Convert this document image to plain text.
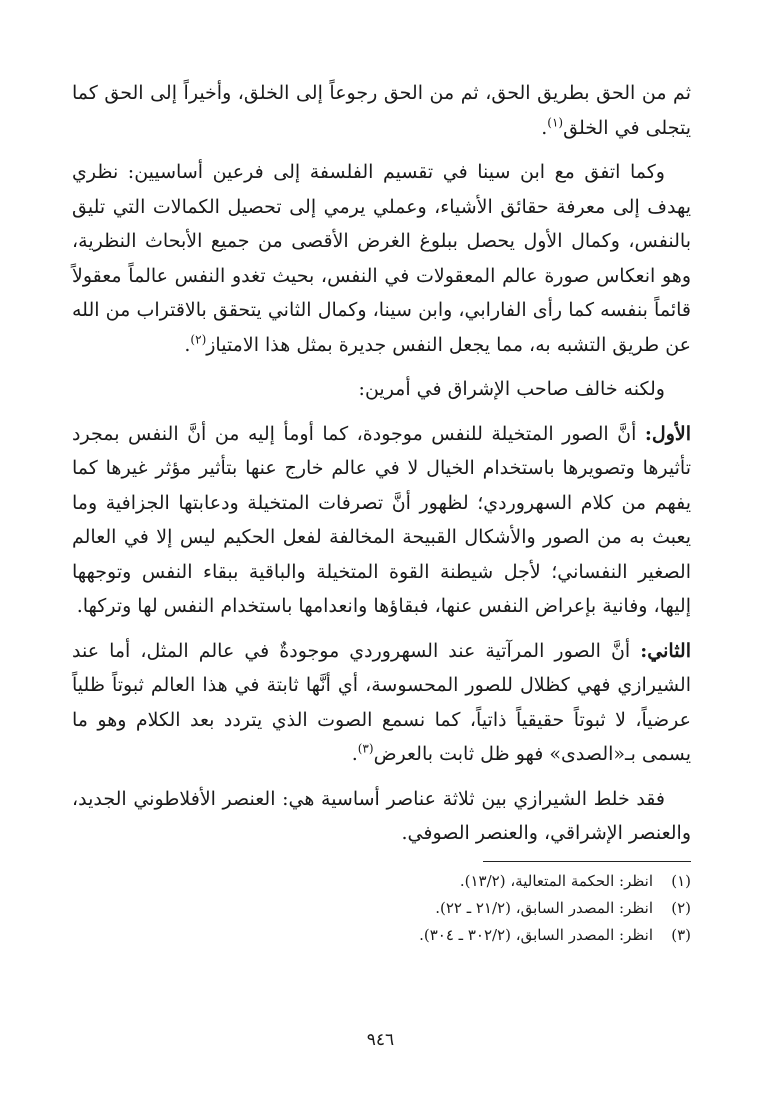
ثم من الحق بطريق الحق، ثم من الحق رجوعاً إلى الخلق، وأخيراً إلى الحق كما يتجلى في الخلق$^{(١)}$.

وكما اتفق مع ابن سينا في تقسيم الفلسفة إلى فرعين أساسيين: نظري يهدف إلى معرفة حقائق الأشياء، وعملي يرمي إلى تحصيل الكمالات التي تليق بالنفس، وكمال الأول يحصل ببلوغ الغرض الأقصى من جميع الأبحاث النظرية، وهو انعكاس صورة عالم المعقولات في النفس، بحيث تغدو النفس عالماً معقولاً قائماً بنفسه كما رأى الفارابي، وابن سينا، وكمال الثاني يتحقق بالاقتراب من الله عن طريق التشبه به، مما يجعل النفس جديرة بمثل هذا الامتياز$^{(٢)}$.

ولكنه خالف صاحب الإشراق في أمرين:

الأول: أنَّ الصور المتخيلة للنفس موجودة، كما أومأ إليه من أنَّ النفس بمجرد تأثيرها وتصويرها باستخدام الخيال لا في عالم خارج عنها بتأثير مؤثر غيرها كما يفهم من كلام السهروردي؛ لظهور أنَّ تصرفات المتخيلة ودعابتها الجزافية وما يعبث به من الصور والأشكال القبيحة المخالفة لفعل الحكيم ليس إلا في العالم الصغير النفساني؛ لأجل شيطنة القوة المتخيلة والباقية ببقاء النفس وتوجهها إليها، وفانية بإعراض النفس عنها، فبقاؤها وانعدامها باستخدام النفس لها وتركها.

الثاني: أنَّ الصور المرآتية عند السهروردي موجودةٌ في عالم المثل، أما عند الشيرازي فهي كظلال للصور المحسوسة، أي أنَّها ثابتة في هذا العالم ثبوتاً ظلياً عرضياً، لا ثبوتاً حقيقياً ذاتياً، كما نسمع الصوت الذي يتردد بعد الكلام وهو ما يسمى بـ«الصدى» فهو ظل ثابت بالعرض$^{(٣)}$.

فقد خلط الشيرازي بين ثلاثة عناصر أساسية هي: العنصر الأفلاطوني الجديد، والعنصر الإشراقي، والعنصر الصوفي.

(١)
انظر: الحكمة المتعالية، (١٣/٢).
(٢)
انظر: المصدر السابق، (٢١/٢ ـ ٢٢).
(٣)
انظر: المصدر السابق، (٣٠٢/٢ ـ ٣٠٤).
٩٤٦
